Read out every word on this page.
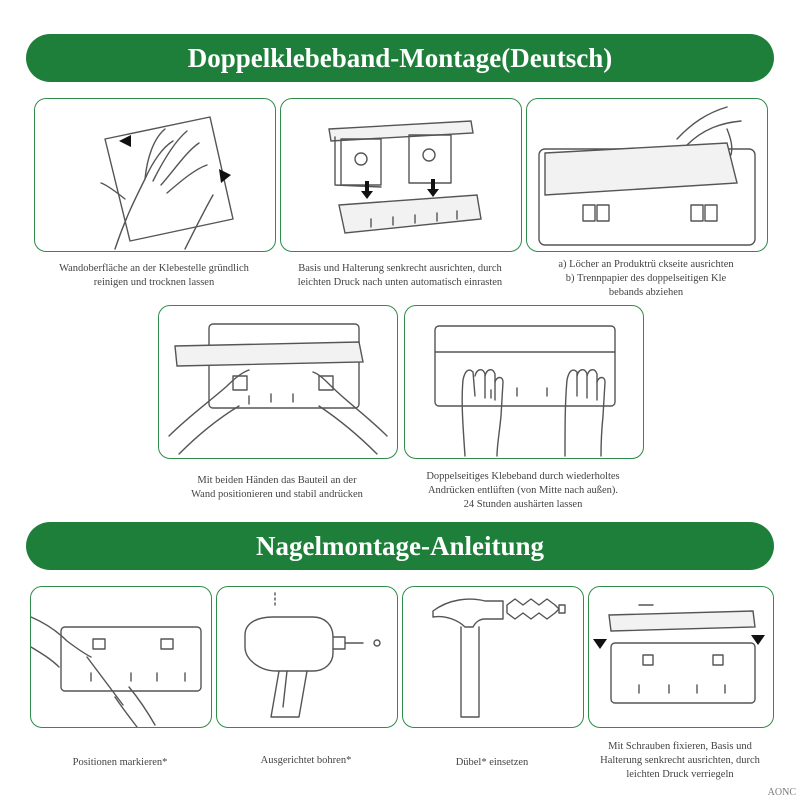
Doppelklebeband-Montage(Deutsch)
Wandoberfläche an der Klebestelle gründlich
reinigen und trocknen lassen
Basis und Halterung senkrecht ausrichten, durch
leichten Druck nach unten automatisch einrasten
a) Löcher an Produktrü ckseite ausrichten
b) Trennpapier des doppelseitigen Kle
bebands abziehen
Mit beiden Händen das Bauteil an der
Wand positionieren und stabil andrücken
Doppelseitiges Klebeband durch wiederholtes
Andrücken entlüften (von Mitte nach außen).
24 Stunden aushärten lassen
Nagelmontage-Anleitung
Positionen markieren*	Ausgerichtet bohren*	Dübel* einsetzen
Mit Schrauben fixieren, Basis und
Halterung senkrecht ausrichten, durch
leichten Druck verriegeln
AONC
